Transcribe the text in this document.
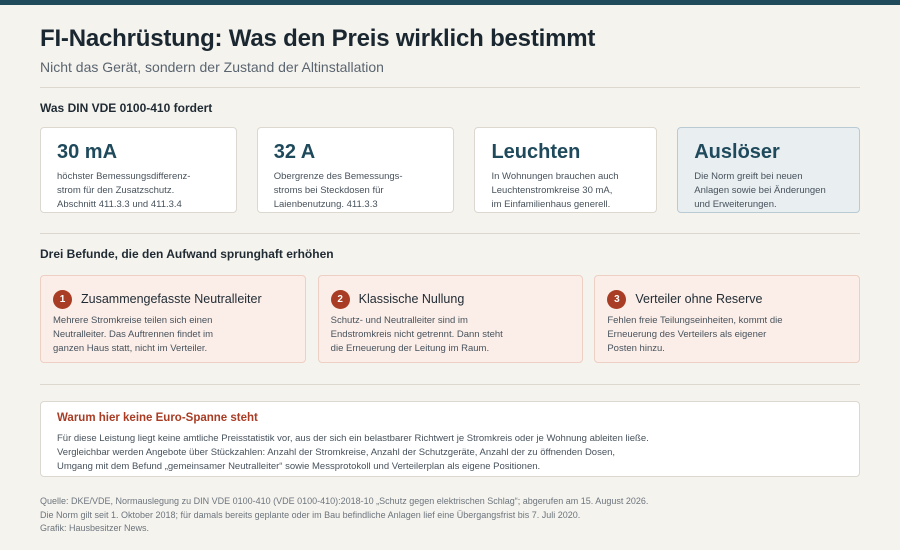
FI-Nachrüstung: Was den Preis wirklich bestimmt
Nicht das Gerät, sondern der Zustand der Altinstallation
Was DIN VDE 0100-410 fordert
30 mA
höchster Bemessungsdifferenz-
strom für den Zusatzschutz.
Abschnitt 411.3.3 und 411.3.4
32 A
Obergrenze des Bemessungs-
stroms bei Steckdosen für
Laienbenutzung. 411.3.3
Leuchten
In Wohnungen brauchen auch
Leuchtenstromkreise 30 mA,
im Einfamilienhaus generell.
Auslöser
Die Norm greift bei neuen
Anlagen sowie bei Änderungen
und Erweiterungen.
Drei Befunde, die den Aufwand sprunghaft erhöhen
1	Zusammengefasste Neutralleiter
Mehrere Stromkreise teilen sich einen
Neutralleiter. Das Auftrennen findet im
ganzen Haus statt, nicht im Verteiler.
2	Klassische Nullung
Schutz- und Neutralleiter sind im
Endstromkreis nicht getrennt. Dann steht
die Erneuerung der Leitung im Raum.
3	Verteiler ohne Reserve
Fehlen freie Teilungseinheiten, kommt die
Erneuerung des Verteilers als eigener
Posten hinzu.
Warum hier keine Euro-Spanne steht
Für diese Leistung liegt keine amtliche Preisstatistik vor, aus der sich ein belastbarer Richtwert je Stromkreis oder je Wohnung ableiten ließe.
Vergleichbar werden Angebote über Stückzahlen: Anzahl der Stromkreise, Anzahl der Schutzgeräte, Anzahl der zu öffnenden Dosen,
Umgang mit dem Befund „gemeinsamer Neutralleiter“ sowie Messprotokoll und Verteilerplan als eigene Positionen.
Quelle: DKE/VDE, Normauslegung zu DIN VDE 0100-410 (VDE 0100-410):2018-10 „Schutz gegen elektrischen Schlag“; abgerufen am 15. August 2026.
Die Norm gilt seit 1. Oktober 2018; für damals bereits geplante oder im Bau befindliche Anlagen lief eine Übergangsfrist bis 7. Juli 2020.
Grafik: Hausbesitzer News.
